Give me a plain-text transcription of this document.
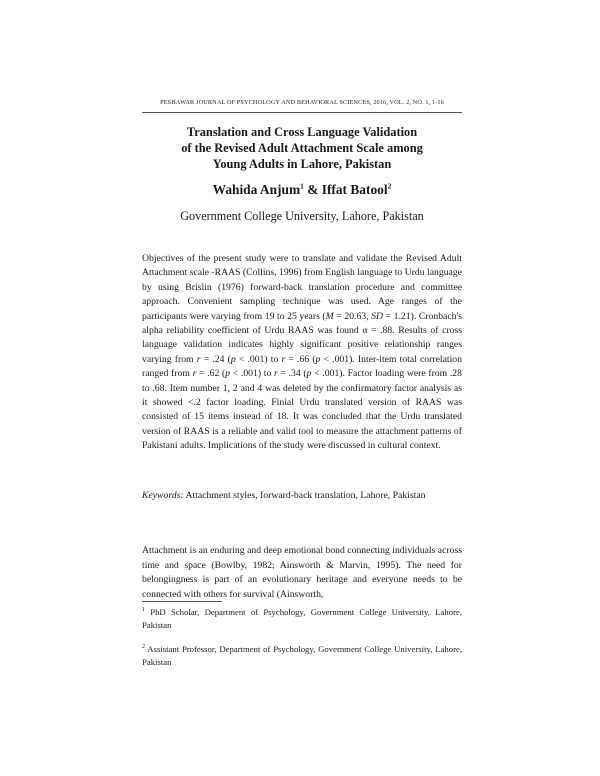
PESHAWAR JOURNAL OF PSYCHOLOGY AND BEHAVIORAL SCIENCES, 2016, VOL. 2, NO. 1, 1-16
Translation and Cross Language Validation
of the Revised Adult Attachment Scale among
Young Adults in Lahore, Pakistan
Wahida Anjum$^1$ & Iffat Batool$^2$
Government College University, Lahore, Pakistan
Objectives of the present study were to translate and validate the Revised Adult Attachment scale -RAAS (Collins, 1996) from English language to Urdu language by using Brislin (1976) forward-back translation procedure and committee approach. Convenient sampling technique was used. Age ranges of the participants were varying from 19 to 25 years (M = 20.63, SD = 1.21). Cronbach's alpha reliability coefficient of Urdu RAAS was found α = .88. Results of cross language validation indicates highly significant positive relationship ranges varying from r = .24 (p < .001) to r = .66 (p < .001). Inter-item total correlation ranged from r = .62 (p < .001) to r = .34 (p < .001). Factor loading were from .28 to .68. Item number 1, 2 and 4 was deleted by the confirmatory factor analysis as it showed <.2 factor loading. Finial Urdu translated version of RAAS was consisted of 15 items instead of 18. It was concluded that the Urdu translated version of RAAS is a reliable and valid tool to measure the attachment patterns of Pakistani adults. Implications of the study were discussed in cultural context.
Keywords: Attachment styles, forward-back translation, Lahore, Pakistan
Attachment is an enduring and deep emotional bond connecting individuals across time and space (Bowlby, 1982; Ainsworth & Marvin, 1995). The need for belongingness is part of an evolutionary heritage and everyone needs to be connected with others for survival (Ainsworth,
$^1$ PhD Scholar, Department of Psychology, Government College University, Lahore, Pakistan
$^2$ Assistant Professor, Department of Psychology, Government College University, Lahore, Pakistan
